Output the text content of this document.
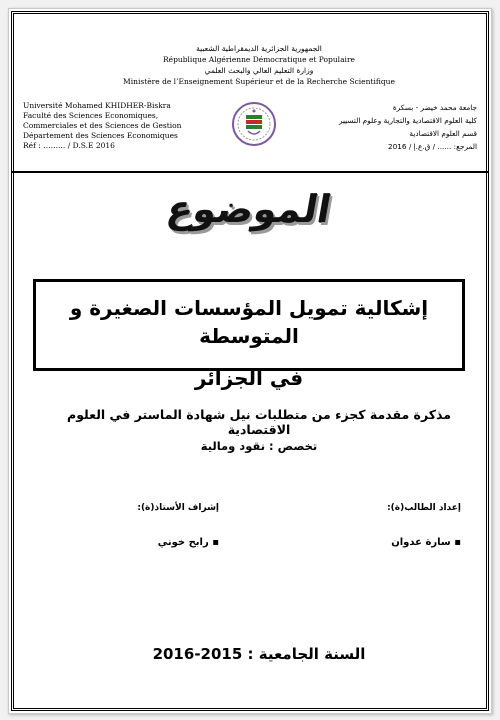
الجمهورية الجزائرية الديمقراطية الشعبية
République Algérienne Démocratique et Populaire
وزارة التعليم العالي والبحث العلمي
Ministère de l’Enseignement Supérieur et de la Recherche Scientifique
Université Mohamed KHIDHER-Biskra
Faculté des Sciences Economiques,
Commerciales et des Sciences de Gestion
Département des Sciences Economiques
Réf : ……... / D.S.E 2016
جامعة محمد خيضر - بسكرة
كلية العلوم الاقتصادية والتجارية وعلوم التسيير
قسم العلوم الاقتصادية
المرجع: ...... / ق.ع.إ / 2016
الموضوع
إشكالية تمويل المؤسسات الصغيرة و المتوسطة
في الجزائر
مذكرة مقدمة كجزء من متطلبات نيل شهادة الماستر في العلوم الاقتصادية
تخصص : نقود ومالية
إعداد الطالب(ة):
▪ سارة عدوان
إشراف الأستاذ(ة):
▪ رابح خوني
السنة الجامعية : 2015-2016
